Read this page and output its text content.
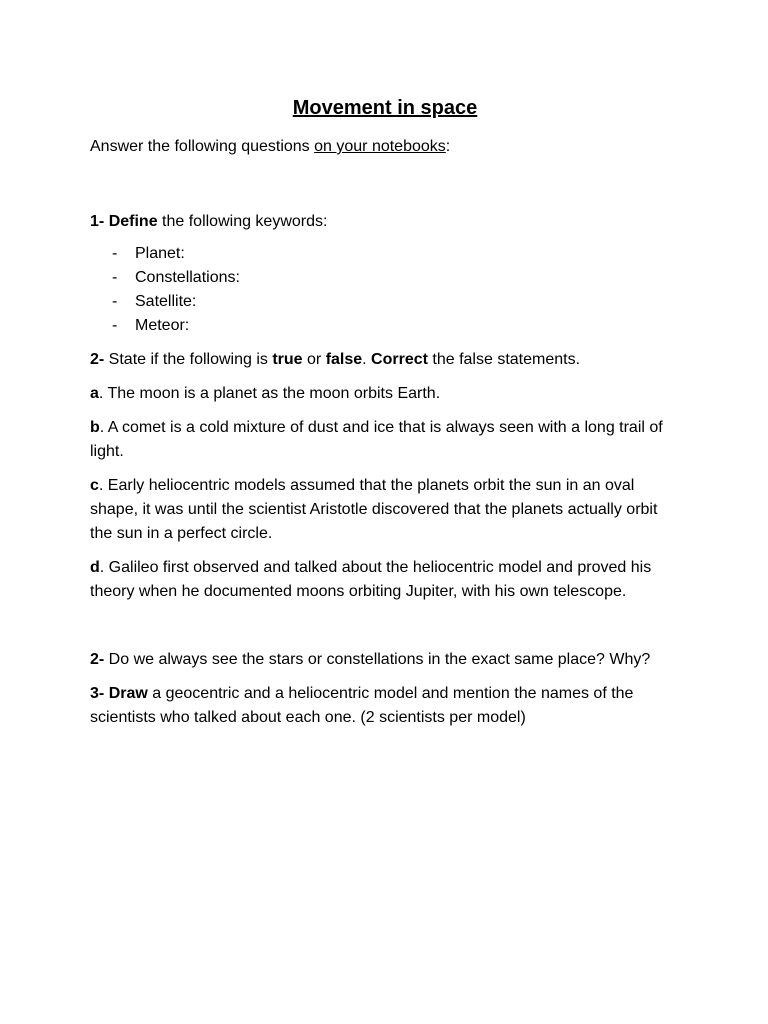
Movement in space

Answer the following questions on your notebooks:

1- Define the following keywords:

- Planet:
- Constellations:
- Satellite:
- Meteor:

2- State if the following is true or false. Correct the false statements.

a. The moon is a planet as the moon orbits Earth.

b. A comet is a cold mixture of dust and ice that is always seen with a long trail of light.

c. Early heliocentric models assumed that the planets orbit the sun in an oval shape, it was until the scientist Aristotle discovered that the planets actually orbit the sun in a perfect circle.

d. Galileo first observed and talked about the heliocentric model and proved his theory when he documented moons orbiting Jupiter, with his own telescope.

2- Do we always see the stars or constellations in the exact same place? Why?

3- Draw a geocentric and a heliocentric model and mention the names of the scientists who talked about each one. (2 scientists per model)
